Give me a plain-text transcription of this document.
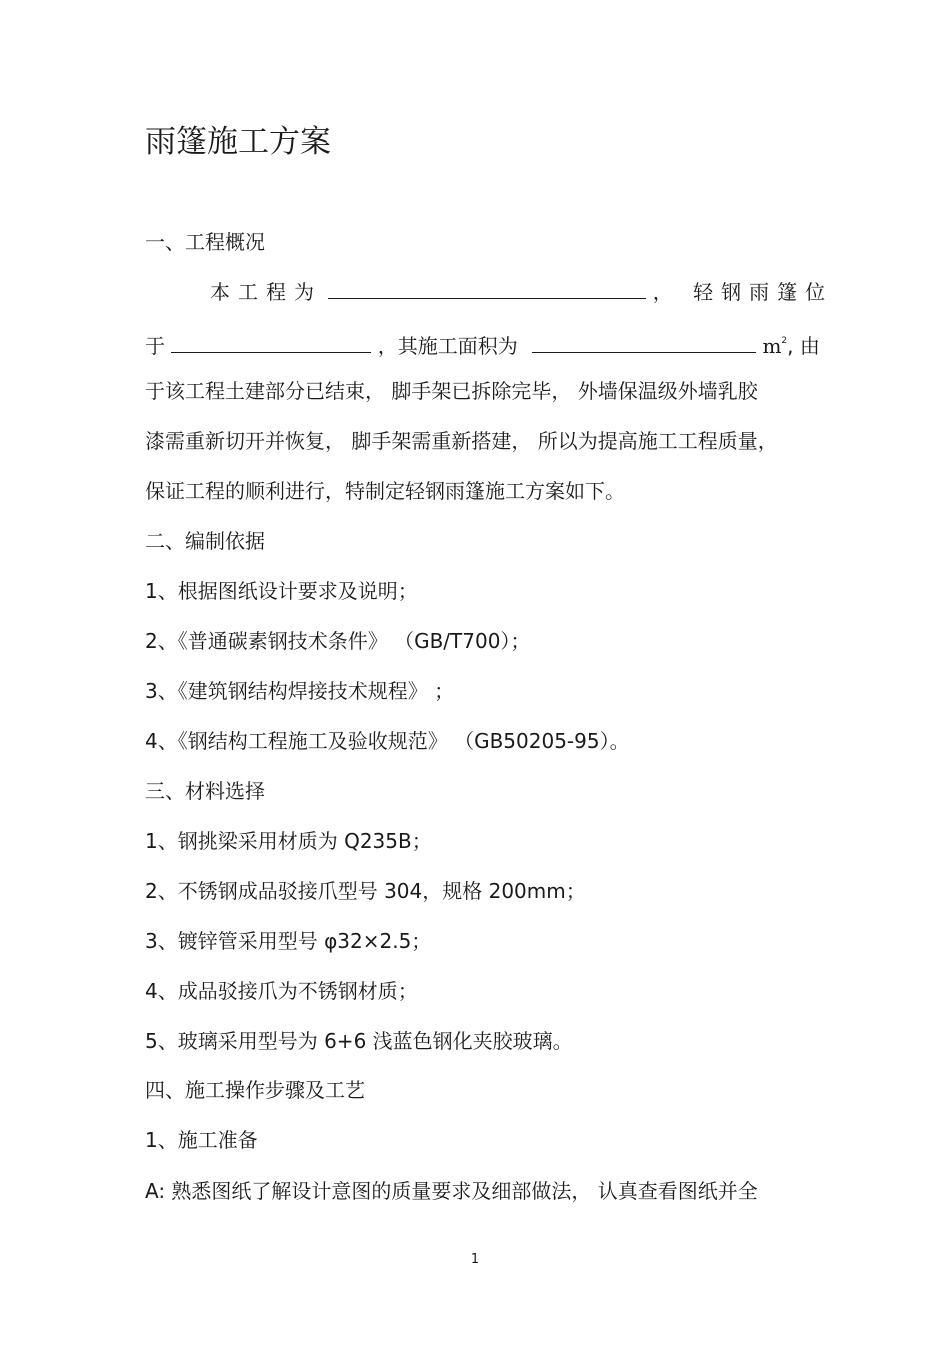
雨篷施工方案
一、工程概况
本工程为	， 轻钢雨篷位
于	，其施工面积为	$m^2$, 由
于该工程土建部分已结束， 脚手架已拆除完毕， 外墙保温级外墙乳胶
漆需重新切开并恢复， 脚手架需重新搭建， 所以为提高施工工程质量，
保证工程的顺利进行，特制定轻钢雨篷施工方案如下。
二、编制依据
1、根据图纸设计要求及说明；
2、《普通碳素钢技术条件》 （GB/T700）；
3、《建筑钢结构焊接技术规程》 ；
4、《钢结构工程施工及验收规范》 （GB50205-95）。
三、材料选择
1、钢挑梁采用材质为 Q235B；
2、不锈钢成品驳接爪型号 304，规格 200mm；
3、镀锌管采用型号 φ32×2.5；
4、成品驳接爪为不锈钢材质；
5、玻璃采用型号为 6+6 浅蓝色钢化夹胶玻璃。
四、施工操作步骤及工艺
1、施工准备
A: 熟悉图纸了解设计意图的质量要求及细部做法， 认真查看图纸并全
1
